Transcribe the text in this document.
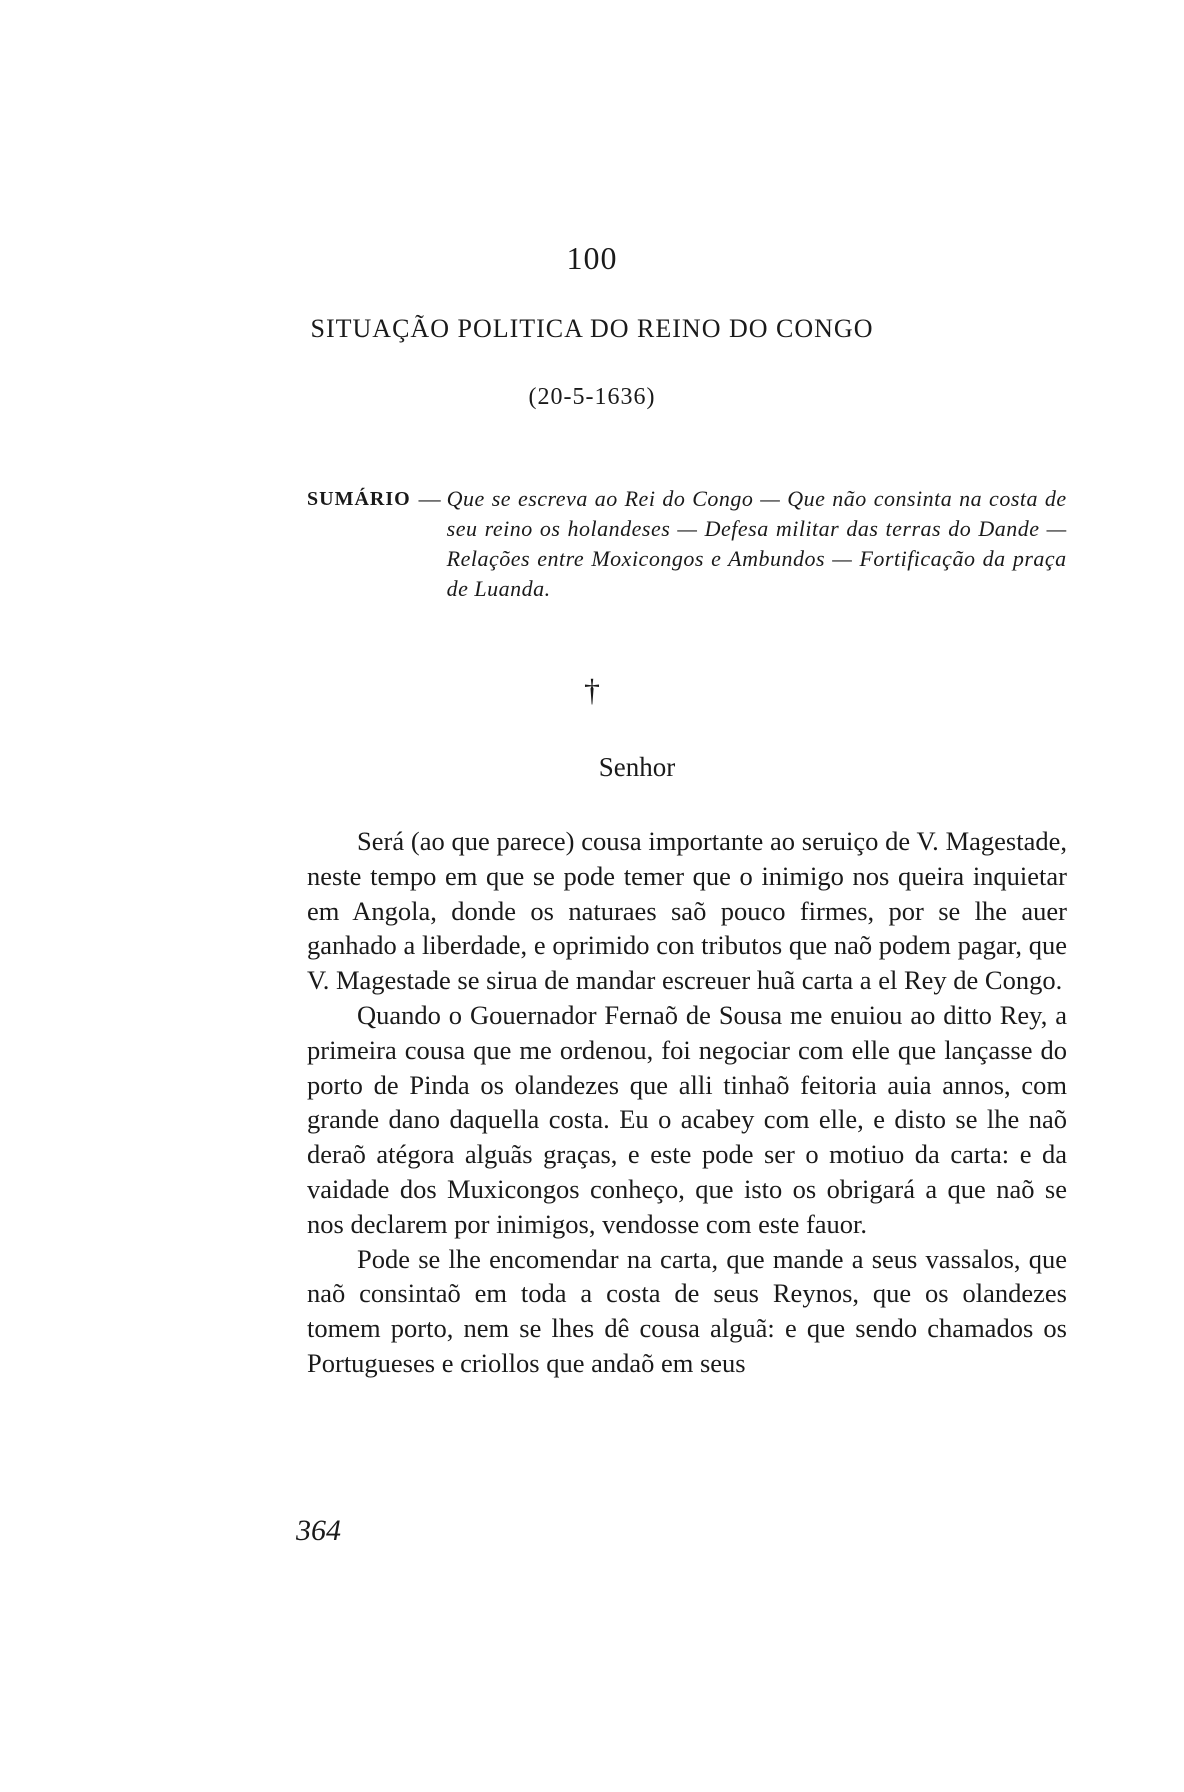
100
SITUAÇÃO POLITICA DO REINO DO CONGO
(20-5-1636)
SUMÁRIO — Que se escreva ao Rei do Congo — Que não consinta na costa de seu reino os holandeses — Defesa militar das terras do Dande — Relações entre Moxicongos e Ambundos — Fortificação da praça de Luanda.
†
Senhor

Será (ao que parece) cousa importante ao seruiço de V. Magestade, neste tempo em que se pode temer que o inimigo nos queira inquietar em Angola, donde os naturaes saõ pouco firmes, por se lhe auer ganhado a liberdade, e oprimido con tributos que naõ podem pagar, que V. Magestade se sirua de mandar escreuer huã carta a el Rey de Congo.

Quando o Gouernador Fernaõ de Sousa me enuiou ao ditto Rey, a primeira cousa que me ordenou, foi negociar com elle que lançasse do porto de Pinda os olandezes que alli tinhaõ feitoria auia annos, com grande dano daquella costa. Eu o acabey com elle, e disto se lhe naõ deraõ atégora alguãs graças, e este pode ser o motiuo da carta: e da vaidade dos Muxicongos conheço, que isto os obrigará a que naõ se nos declarem por inimigos, vendosse com este fauor.

Pode se lhe encomendar na carta, que mande a seus vassalos, que naõ consintaõ em toda a costa de seus Reynos, que os olandezes tomem porto, nem se lhes dê cousa alguã: e que sendo chamados os Portugueses e criollos que andaõ em seus

364
